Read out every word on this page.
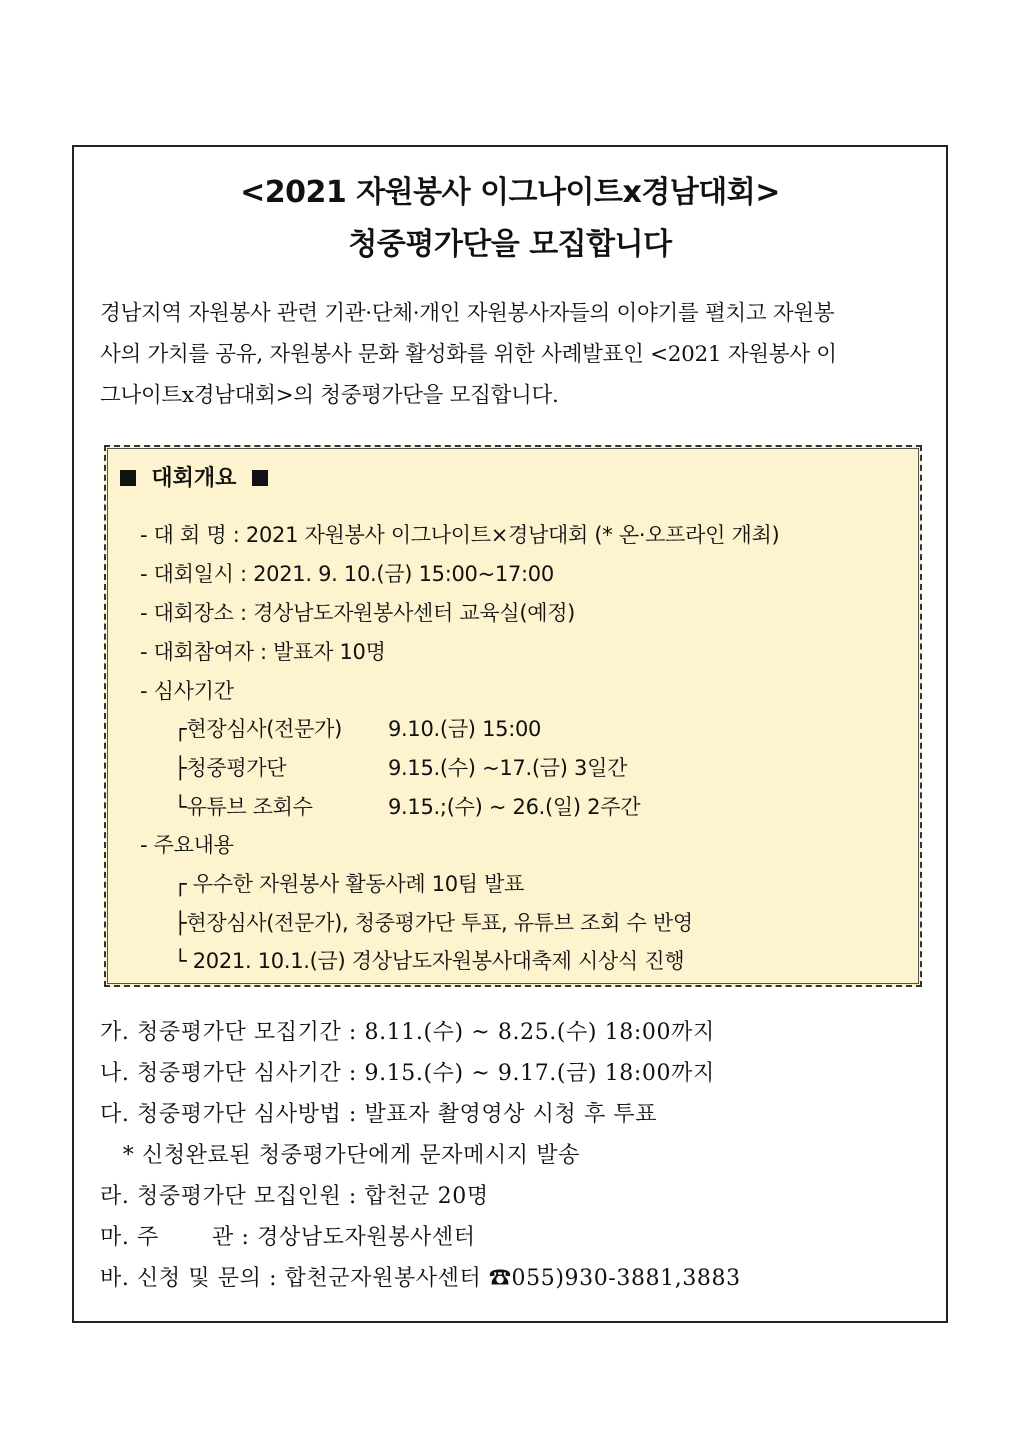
<2021 자원봉사 이그나이트x경남대회>
청중평가단을 모집합니다
경남지역 자원봉사 관련 기관·단체·개인 자원봉사자들의 이야기를 펼치고 자원봉
사의 가치를 공유, 자원봉사 문화 활성화를 위한 사례발표인 <2021 자원봉사 이
그나이트x경남대회>의 청중평가단을 모집합니다.
대회개요
- 대 회 명 : 2021 자원봉사 이그나이트×경남대회 (* 온·오프라인 개최)
- 대회일시 : 2021. 9. 10.(금) 15:00~17:00
- 대회장소 : 경상남도자원봉사센터 교육실(예정)
- 대회참여자 : 발표자 10명
- 심사기간
┌현장심사(전문가) 9.10.(금) 15:00
├청중평가단	9.15.(수) ~17.(금) 3일간
└유튜브 조회수	9.15.;(수) ~ 26.(일) 2주간
- 주요내용
┌ 우수한 자원봉사 활동사례 10팀 발표
├현장심사(전문가), 청중평가단 투표, 유튜브 조회 수 반영
└ 2021. 10.1.(금) 경상남도자원봉사대축제 시상식 진행
가. 청중평가단 모집기간 : 8.11.(수) ~ 8.25.(수) 18:00까지
나. 청중평가단 심사기간 : 9.15.(수) ~ 9.17.(금) 18:00까지
다. 청중평가단 심사방법 : 발표자 촬영영상 시청 후 투표
* 신청완료된 청중평가단에게 문자메시지 발송
라. 청중평가단 모집인원 : 합천군 20명
마. 주       관 : 경상남도자원봉사센터
바. 신청 및 문의 : 합천군자원봉사센터 ☎055)930-3881,3883
